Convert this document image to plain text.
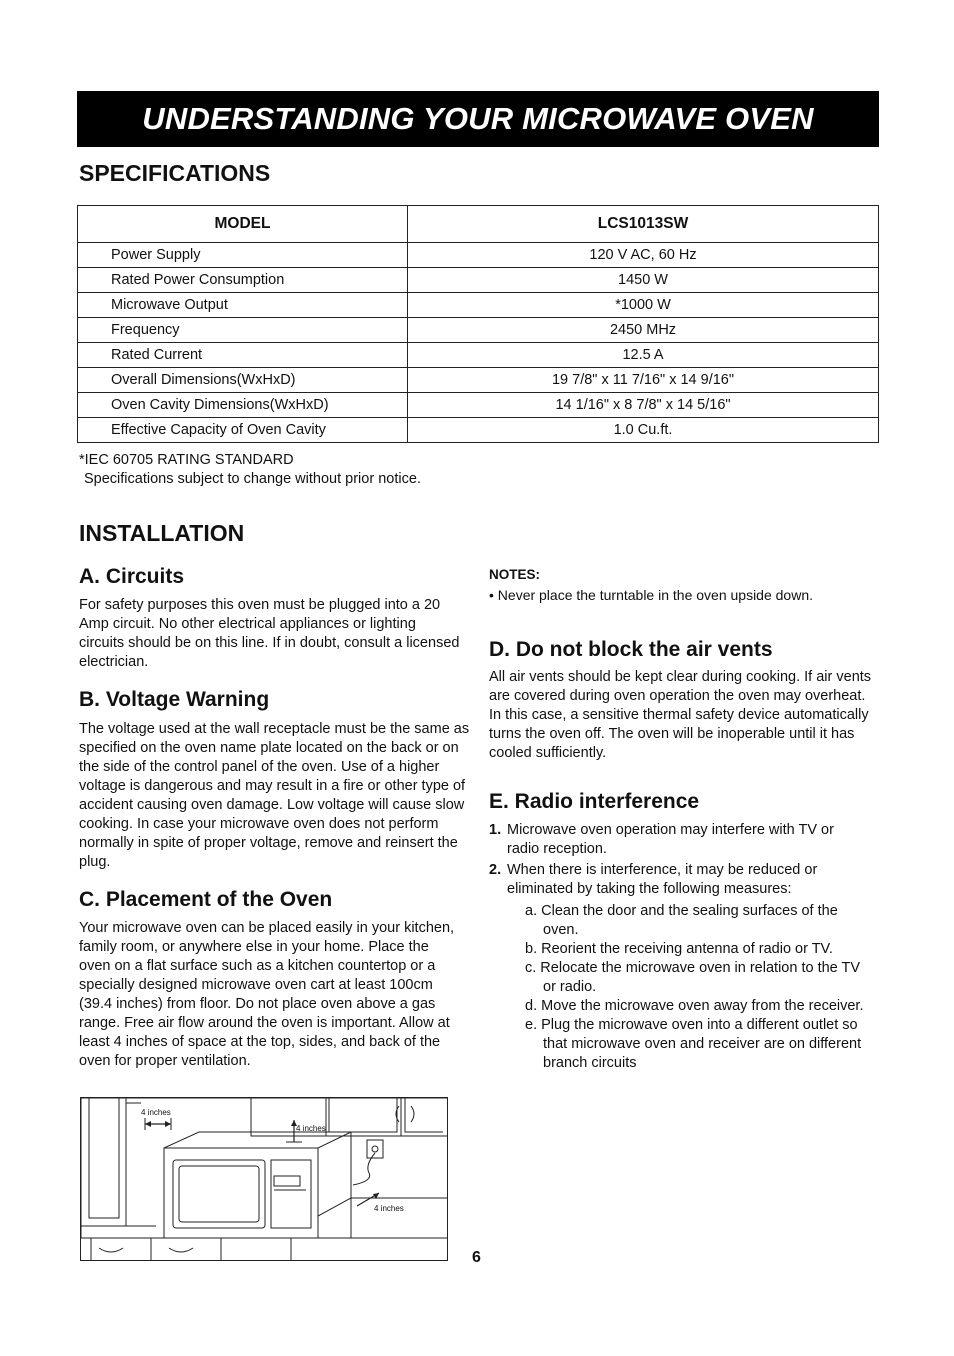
UNDERSTANDING YOUR MICROWAVE OVEN
SPECIFICATIONS
MODEL	LCS1013SW
Power Supply	120 V AC, 60 Hz
Rated Power Consumption	1450 W
Microwave Output	*1000 W
Frequency	2450 MHz
Rated Current	12.5 A
Overall Dimensions(WxHxD)	19 7/8" x 11 7/16" x 14 9/16"
Oven Cavity Dimensions(WxHxD)	14 1/16" x 8 7/8" x 14 5/16"
Effective Capacity of Oven Cavity	1.0 Cu.ft.
*IEC 60705 RATING STANDARD
Specifications subject to change without prior notice.
INSTALLATION
A. Circuits

For safety purposes this oven must be plugged into a 20 Amp circuit. No other electrical appliances or lighting circuits should be on this line. If in doubt, consult a licensed electrician.

B. Voltage Warning

The voltage used at the wall receptacle must be the same as specified on the oven name plate located on the back or on the side of the control panel of the oven. Use of a higher voltage is dangerous and may result in a fire or other type of accident causing oven damage. Low voltage will cause slow cooking. In case your microwave oven does not perform normally in spite of proper voltage, remove and reinsert the plug.

C. Placement of the Oven

Your microwave oven can be placed easily in your kitchen, family room, or anywhere else in your home. Place the oven on a flat surface such as a kitchen countertop or a specially designed microwave oven cart at least 100cm (39.4 inches) from floor. Do not place oven above a gas range. Free air flow around the oven is important. Allow at least 4 inches of space at the top, sides, and back of the oven for proper ventilation.

NOTES:
• Never place the turntable in the oven upside down.
D. Do not block the air vents

All air vents should be kept clear during cooking. If air vents are covered during oven operation the oven may overheat. In this case, a sensitive thermal safety device automatically turns the oven off. The oven will be inoperable until it has cooled sufficiently.

E. Radio interference
1. Microwave oven operation may interfere with TV or radio reception.
2. When there is interference, it may be reduced or eliminated by taking the following measures:
a. Clean the door and the sealing surfaces of the oven.
b. Reorient the receiving antenna of radio or TV.
c. Relocate the microwave oven in relation to the TV or radio.
d. Move the microwave oven away from the receiver.
e. Plug the microwave oven into a different outlet so that microwave oven and receiver are on different branch circuits
4 inches
4 inches
4 inches
6
